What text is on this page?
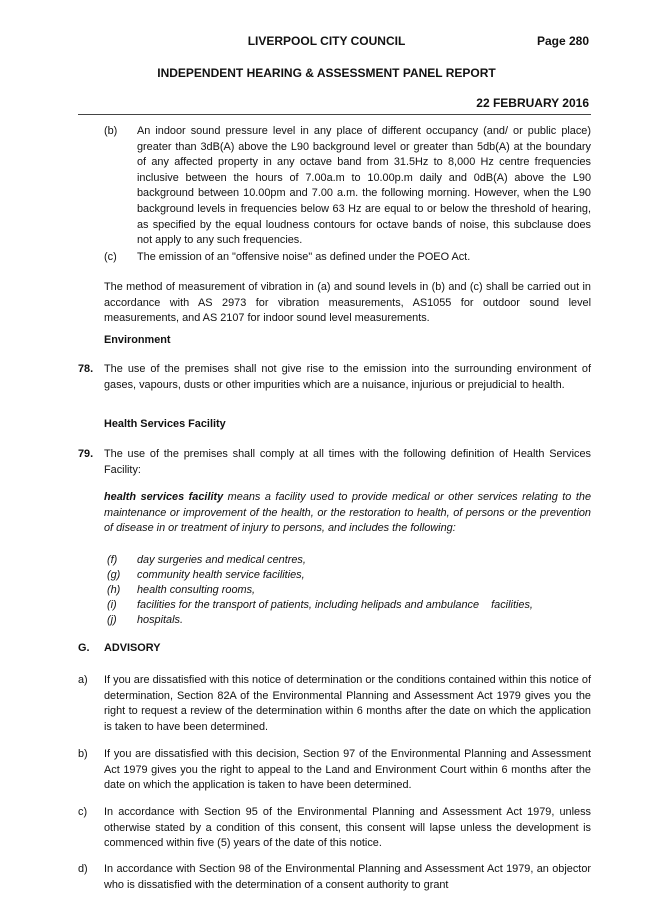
LIVERPOOL CITY COUNCIL	Page 280
INDEPENDENT HEARING & ASSESSMENT PANEL REPORT
22 FEBRUARY 2016
(b) An indoor sound pressure level in any place of different occupancy (and/ or public place) greater than 3dB(A) above the L90 background level or greater than 5db(A) at the boundary of any affected property in any octave band from 31.5Hz to 8,000 Hz centre frequencies inclusive between the hours of 7.00a.m to 10.00p.m daily and 0dB(A) above the L90 background between 10.00pm and 7.00 a.m. the following morning. However, when the L90 background levels in frequencies below 63 Hz are equal to or below the threshold of hearing, as specified by the equal loudness contours for octave bands of noise, this subclause does not apply to any such frequencies.
(c) The emission of an "offensive noise" as defined under the POEO Act.
The method of measurement of vibration in (a) and sound levels in (b) and (c) shall be carried out in accordance with AS 2973 for vibration measurements, AS1055 for outdoor sound level measurements, and AS 2107 for indoor sound level measurements.
Environment
78. The use of the premises shall not give rise to the emission into the surrounding environment of gases, vapours, dusts or other impurities which are a nuisance, injurious or prejudicial to health.
Health Services Facility
79. The use of the premises shall comply at all times with the following definition of Health Services Facility:
health services facility means a facility used to provide medical or other services relating to the maintenance or improvement of the health, or the restoration to health, of persons or the prevention of disease in or treatment of injury to persons, and includes the following:
(f) day surgeries and medical centres,
(g) community health service facilities,
(h) health consulting rooms,
(i) facilities for the transport of patients, including helipads and ambulance    facilities,
(j) hospitals.
G. ADVISORY
a) If you are dissatisfied with this notice of determination or the conditions contained within this notice of determination, Section 82A of the Environmental Planning and Assessment Act 1979 gives you the right to request a review of the determination within 6 months after the date on which the application is taken to have been determined.
b) If you are dissatisfied with this decision, Section 97 of the Environmental Planning and Assessment Act 1979 gives you the right to appeal to the Land and Environment Court within 6 months after the date on which the application is taken to have been determined.
c) In accordance with Section 95 of the Environmental Planning and Assessment Act 1979, unless otherwise stated by a condition of this consent, this consent will lapse unless the development is commenced within five (5) years of the date of this notice.
d) In accordance with Section 98 of the Environmental Planning and Assessment Act 1979, an objector who is dissatisfied with the determination of a consent authority to grant
